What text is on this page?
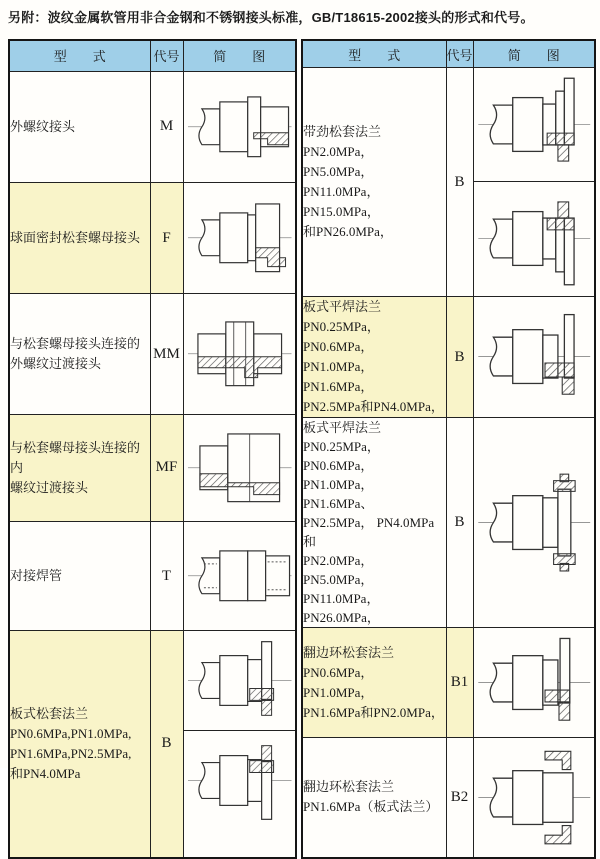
另附：波纹金属软管用非合金钢和不锈钢接头标准，GB/T18615-2002接头的形式和代号。
型　　式	代号	简　　图

外螺纹接头	M	

球面密封松套螺母接头	F	

与松套螺母接头连接的
外螺纹过渡接头	MM	

与松套螺母接头连接的内
螺纹过渡接头	MF	

对接焊管	T	

板式松套法兰
PN0.6MPa,PN1.0MPa,
PN1.6MPa,PN2.5MPa,
和PN4.0MPa	B	
型　　式	代号	简　　图

带劲松套法兰
PN2.0MPa， PN5.0MPa，
PN11.0MPa， PN15.0MPa，
和PN26.0MPa，	B	

板式平焊法兰
PN0.25MPa， PN0.6MPa，
PN1.0MPa， PN1.6MPa，
PN2.5MPa和PN4.0MPa，	B	

板式平焊法兰
PN0.25MPa， PN0.6MPa，
PN1.0MPa， PN1.6MPa、
PN2.5MPa， PN4.0MPa和
PN2.0MPa， PN5.0MPa，
PN11.0MPa， PN26.0MPa，
	B	

翻边环松套法兰
PN0.6MPa， PN1.0MPa，
PN1.6MPa和PN2.0MPa，	B1	

翻边环松套法兰
PN1.6MPa（板式法兰）	B2	
